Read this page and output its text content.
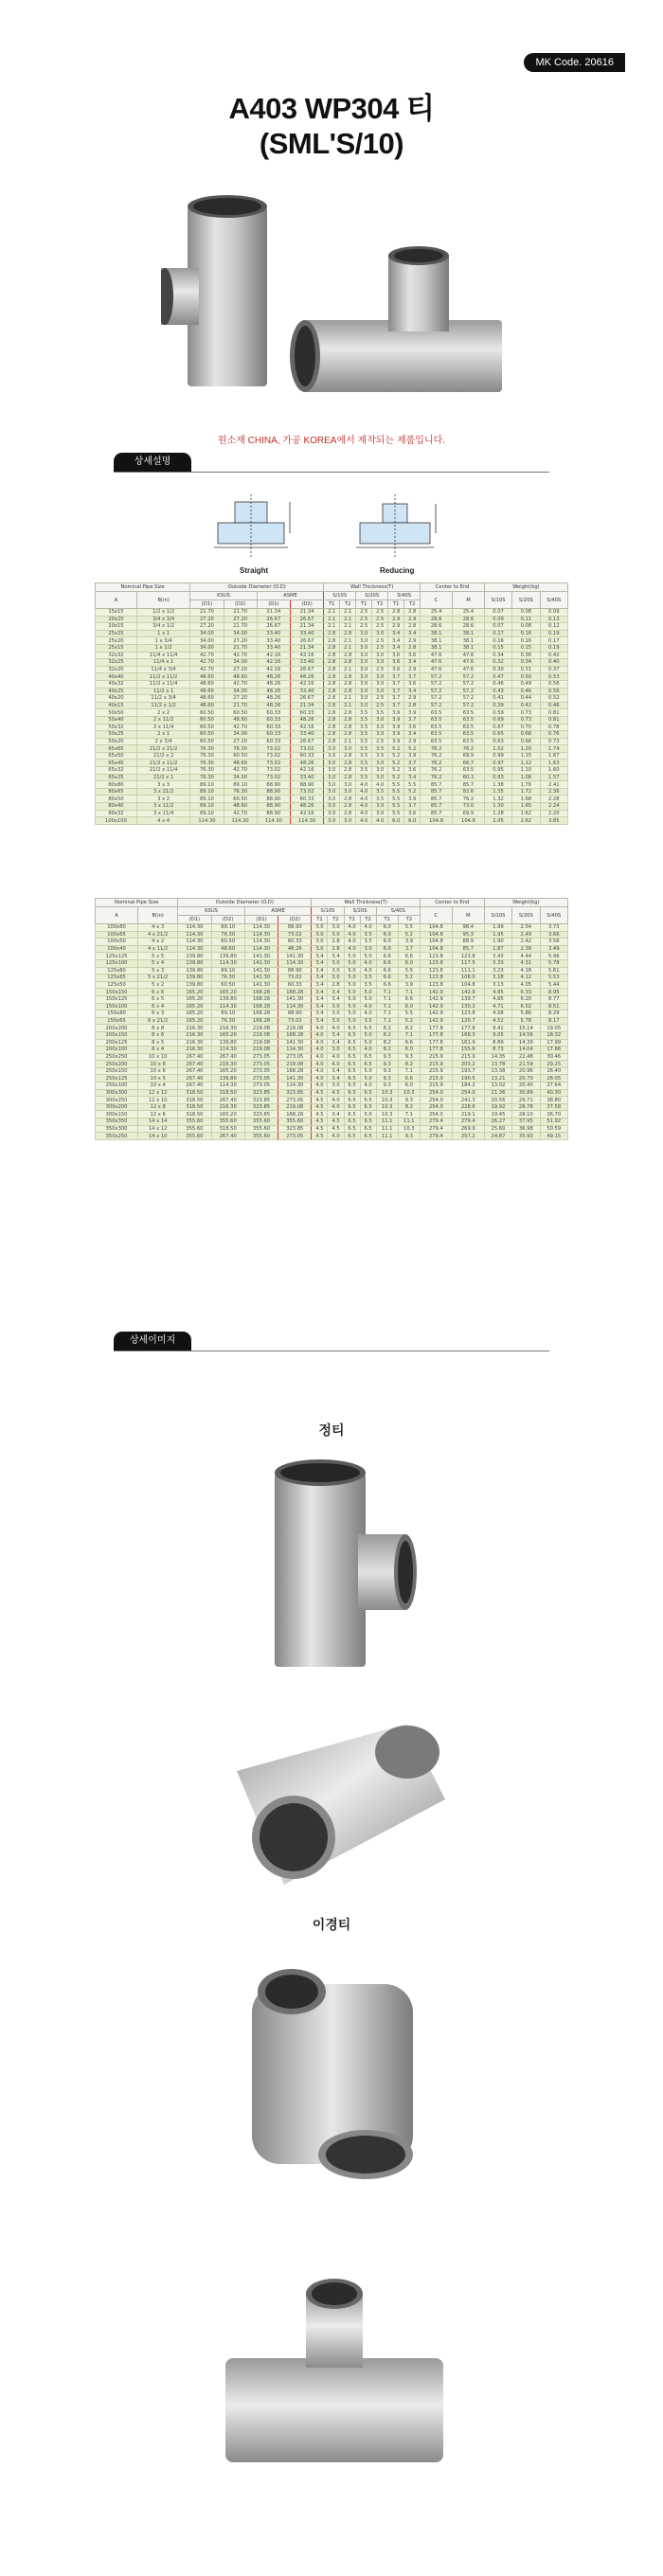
MK Code. 20616
A403 WP304 티
(SML'S/10)
원소재 CHINA, 가공 KOREA에서 제작되는 제품입니다.
상세설명
Straight	Reducing
Nominal Pipe Size		Outside Diameter (O.D)				Wall Thickness(T)						Center to End		Weight(kg)		
A	B(in)	KSUS		ASME		S/10S		S/20S		S/40S		C	M	S/10S	S/20S	S/40S
		(D1)	(D2)	(D1)	(D2)	T1	T2	T1	T2	T1	T2					
15x15	1/2 x 1/2	21.70	21.70	21.34	21.34	2.1	2.1	2.5	2.5	2.8	2.8	25.4	25.4	0.07	0.08	0.09
20x20	3/4 x 3/4	27.20	27.20	26.67	26.67	2.1	2.1	2.5	2.5	2.9	2.9	28.6	28.6	0.09	0.11	0.13
20x15	3/4 x 1/2	27.20	21.70	26.67	21.34	2.1	2.1	2.5	2.5	2.9	2.8	28.6	28.6	0.07	0.08	0.12
25x25	1 x 1	34.00	34.00	33.40	33.40	2.8	2.8	3.0	3.0	3.4	3.4	38.1	38.1	0.17	0.16	0.19
25x20	1 x 3/4	34.00	27.20	33.40	26.67	2.8	2.1	3.0	2.5	3.4	2.9	38.1	38.1	0.16	0.16	0.17
25x15	1 x 1/2	34.00	21.70	33.40	21.34	2.8	2.1	3.0	2.5	3.4	2.8	38.1	38.1	0.15	0.15	0.19
32x32	11/4 x 11/4	42.70	42.70	42.16	42.16	2.8	2.8	3.0	3.0	3.6	3.6	47.6	47.6	0.34	0.36	0.42
32x25	11/4 x 1	42.70	34.00	42.16	33.40	2.8	2.8	3.0	3.0	3.6	3.4	47.6	47.6	0.32	0.34	0.40
32x20	11/4 x 3/4	42.70	27.20	42.16	26.67	2.8	2.1	3.0	2.5	3.6	2.9	47.6	47.6	0.30	0.31	0.37
40x40	11/2 x 11/2	48.60	48.60	48.26	48.26	2.8	2.8	3.0	3.0	3.7	3.7	57.2	57.2	0.47	0.50	0.53
40x32	11/2 x 11/4	48.60	42.70	48.26	42.16	2.8	2.8	3.0	3.0	3.7	3.6	57.2	57.2	0.46	0.49	0.56
40x25	11/2 x 1	48.60	34.00	48.26	33.40	2.8	2.8	3.0	3.0	3.7	3.4	57.2	57.2	0.43	0.46	0.56
40x20	11/2 x 3/4	48.60	27.20	48.26	26.67	2.8	2.1	3.0	2.5	3.7	2.9	57.2	57.2	0.41	0.44	0.52
40x15	11/2 x 1/2	48.60	21.70	48.26	21.34	2.8	2.1	3.0	2.5	3.7	2.8	57.2	57.2	0.39	0.42	0.46
50x50	2 x 2	60.50	60.50	60.33	60.33	2.8	2.8	3.5	3.5	3.9	3.9	63.5	63.5	0.59	0.73	0.81
50x40	2 x 11/2	60.50	48.60	60.33	48.26	2.8	2.8	3.5	3.0	3.9	3.7	63.5	63.5	0.69	0.73	0.81
50x32	2 x 11/4	60.50	42.70	60.33	42.16	2.8	2.8	3.5	3.0	3.9	3.6	63.5	63.5	0.67	0.70	0.78
50x25	2 x 1	60.50	34.00	60.33	33.40	2.8	2.8	3.5	3.0	3.9	3.4	63.5	63.5	0.65	0.68	0.76
50x20	2 x 3/4	60.50	27.20	60.33	26.67	2.8	2.1	3.5	2.5	3.9	2.9	63.5	63.5	0.63	0.66	0.73
65x65	21/2 x 21/2	76.30	76.30	73.02	73.02	3.0	3.0	3.5	3.5	5.2	5.2	76.2	76.2	1.02	1.20	1.74
65x50	21/2 x 2	76.30	60.50	73.02	60.33	3.0	2.8	3.5	3.5	5.2	3.9	76.2	69.9	0.99	1.15	1.67
65x40	21/2 x 11/2	76.30	48.60	73.02	48.26	3.0	2.8	3.5	3.0	5.2	3.7	76.2	66.7	0.97	1.12	1.63
65x32	21/2 x 11/4	76.30	42.70	73.02	42.16	3.0	2.8	3.5	3.0	5.2	3.6	76.2	63.5	0.95	1.10	1.60
65x25	21/2 x 1	76.30	34.00	73.02	33.40	3.0	2.8	3.5	3.0	5.2	3.4	76.2	60.3	0.93	1.08	1.57
80x80	3 x 3	89.10	89.10	88.90	88.90	3.0	3.0	4.0	4.0	5.5	5.5	85.7	85.7	1.38	1.76	2.41
80x65	3 x 21/2	89.10	76.30	88.90	73.02	3.0	3.0	4.0	3.5	5.5	5.2	85.7	82.6	1.35	1.72	2.36
80x50	3 x 2	89.10	60.50	88.90	60.33	3.0	2.8	4.0	3.5	5.5	3.9	85.7	76.2	1.32	1.68	2.28
80x40	3 x 11/2	89.10	48.60	88.90	48.26	3.0	2.8	4.0	3.0	5.5	3.7	85.7	73.0	1.30	1.65	2.24
80x32	3 x 11/4	89.10	42.70	88.90	42.16	3.0	2.8	4.0	3.0	5.5	3.6	85.7	69.9	1.28	1.62	2.20
100x100	4 x 4	114.30	114.30	114.30	114.30	3.0	3.0	4.0	4.0	6.0	6.0	104.8	104.8	2.05	2.62	3.85
Nominal Pipe Size		Outside Diameter (O.D)				Wall Thickness(T)						Center to End		Weight(kg)		
A	B(in)	KSUS		ASME		S/10S		S/20S		S/40S		C	M	S/10S	S/20S	S/40S
		(D1)	(D2)	(D1)	(D2)	T1	T2	T1	T2	T1	T2					
100x80	4 x 3	114.30	89.10	114.30	88.90	3.0	3.0	4.0	4.0	6.0	5.5	104.8	98.4	1.99	2.54	3.73
100x65	4 x 21/2	114.30	76.30	114.30	73.02	3.0	3.0	4.0	3.5	6.0	5.2	104.8	95.3	1.95	2.49	3.66
100x50	4 x 2	114.30	60.50	114.30	60.33	3.0	2.8	4.0	3.5	6.0	3.9	104.8	88.9	1.90	2.42	3.56
100x40	4 x 11/2	114.30	48.60	114.30	48.26	3.0	2.8	4.0	3.0	6.0	3.7	104.8	85.7	1.87	2.38	3.49
125x125	5 x 5	139.80	139.80	141.30	141.30	3.4	3.4	5.0	5.0	6.6	6.6	123.8	123.8	3.43	4.44	5.96
125x100	5 x 4	139.80	114.30	141.30	114.30	3.4	3.0	5.0	4.0	6.6	6.0	123.8	117.5	3.33	4.31	5.78
125x80	5 x 3	139.80	89.10	141.30	88.90	3.4	3.0	5.0	4.0	6.6	5.5	123.8	111.1	3.23	4.18	5.61
125x65	5 x 21/2	139.80	76.30	141.30	73.02	3.4	3.0	5.0	3.5	6.6	5.2	123.8	108.0	3.18	4.12	5.53
125x50	5 x 2	139.80	60.50	141.30	60.33	3.4	2.8	5.0	3.5	6.6	3.9	123.8	104.8	3.13	4.05	5.44
150x150	6 x 6	165.20	165.20	168.28	168.28	3.4	3.4	5.0	5.0	7.1	7.1	142.9	142.9	4.95	6.33	8.95
150x125	6 x 5	165.20	139.80	168.28	141.30	3.4	3.4	5.0	5.0	7.1	6.6	142.9	139.7	4.85	6.20	8.77
150x100	6 x 4	165.20	114.30	168.28	114.30	3.4	3.0	5.0	4.0	7.1	6.0	142.9	130.2	4.71	6.02	8.51
150x80	6 x 3	165.20	89.10	168.28	88.90	3.4	3.0	5.0	4.0	7.1	5.5	142.9	123.8	4.58	5.86	8.29
150x65	6 x 21/2	165.20	76.30	168.28	73.02	3.4	3.0	5.0	3.5	7.1	5.2	142.9	120.7	4.52	5.78	8.17
200x200	8 x 8	216.30	216.30	219.08	219.08	4.0	4.0	6.5	6.5	8.2	8.2	177.8	177.8	9.41	15.14	19.05
200x150	8 x 6	216.30	165.20	219.08	168.28	4.0	3.4	6.5	5.0	8.2	7.1	177.8	168.3	9.05	14.56	18.32
200x125	8 x 5	216.30	139.80	219.08	141.30	4.0	3.4	6.5	5.0	8.2	6.6	177.8	161.9	8.89	14.30	17.99
200x100	8 x 4	216.30	114.30	219.08	114.30	4.0	3.0	6.5	4.0	8.2	6.0	177.8	155.6	8.73	14.04	17.66
250x250	10 x 10	267.40	267.40	273.05	273.05	4.0	4.0	6.5	6.5	9.3	9.3	215.9	215.9	14.35	22.48	30.46
250x200	10 x 8	267.40	216.30	273.05	219.08	4.0	4.0	6.5	6.5	9.3	8.2	215.9	203.2	13.78	21.59	29.25
250x150	10 x 6	267.40	165.20	273.05	168.28	4.0	3.4	6.5	5.0	9.3	7.1	215.9	193.7	13.38	20.96	28.40
250x125	10 x 5	267.40	139.80	273.05	141.30	4.0	3.4	6.5	5.0	9.3	6.6	215.9	190.5	13.21	20.70	28.05
250x100	10 x 4	267.40	114.30	273.05	114.30	4.0	3.0	6.5	4.0	9.3	6.0	215.9	184.2	13.02	20.40	27.64
300x300	12 x 12	318.50	318.50	323.85	323.85	4.5	4.5	6.5	6.5	10.3	10.3	254.0	254.0	21.36	30.86	40.30
300x250	12 x 10	318.50	267.40	323.85	273.05	4.5	4.0	6.5	6.5	10.3	9.3	254.0	241.3	20.56	29.71	38.80
300x200	12 x 8	318.50	216.30	323.85	219.08	4.5	4.0	6.5	6.5	10.3	8.2	254.0	228.6	19.92	28.78	37.58
300x150	12 x 6	318.50	165.20	323.85	168.28	4.5	3.4	6.5	5.0	10.3	7.1	254.0	219.1	19.45	28.10	36.70
350x350	14 x 14	355.60	355.60	355.60	355.60	4.5	4.5	6.5	6.5	11.1	11.1	279.4	279.4	26.27	37.95	51.92
350x300	14 x 12	355.60	318.50	355.60	323.85	4.5	4.5	6.5	6.5	11.1	10.3	279.4	269.9	25.60	36.98	50.59
350x250	14 x 10	355.60	267.40	355.60	273.05	4.5	4.0	6.5	6.5	11.1	9.3	279.4	257.2	24.87	35.93	49.15
상세이미지
정티
이경티
